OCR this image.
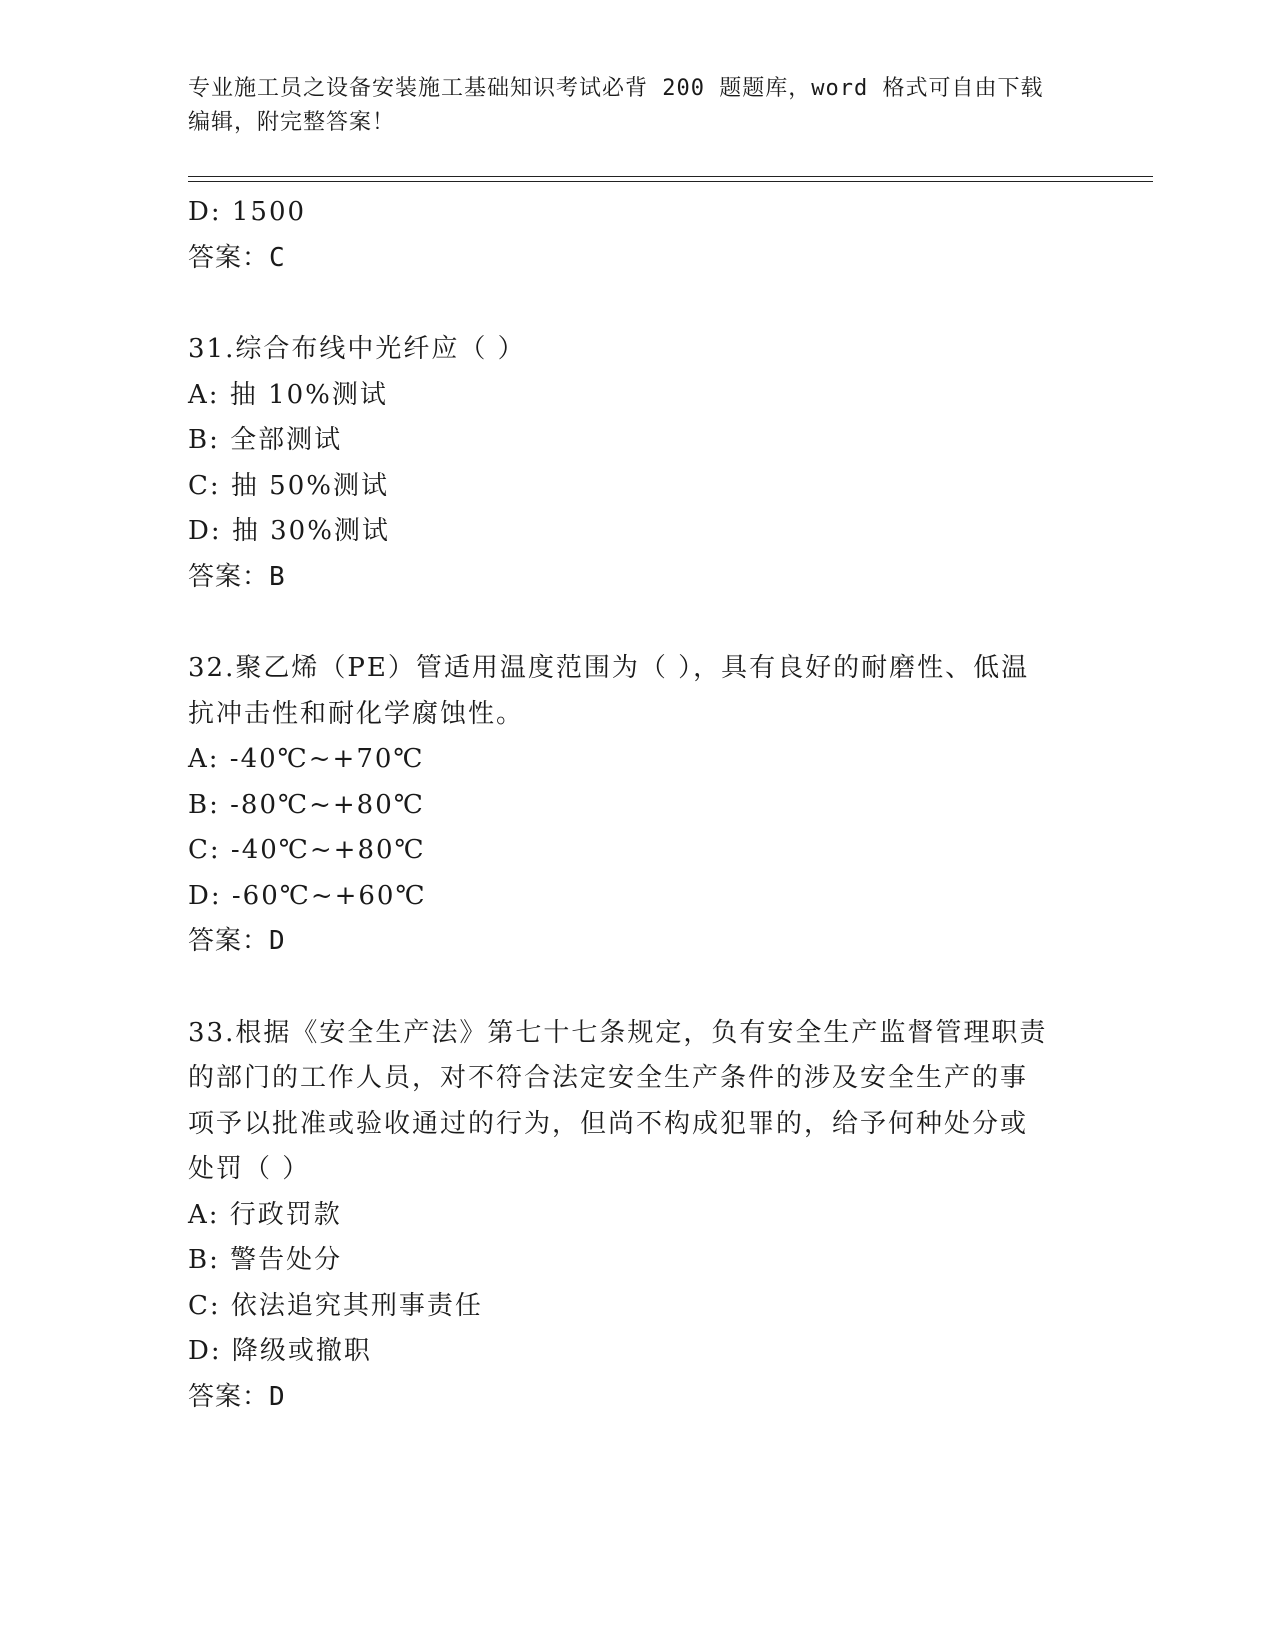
专业施工员之设备安装施工基础知识考试必背 200 题题库，word 格式可自由下载
编辑，附完整答案！
D: 1500
答案：C
31.综合布线中光纤应（ ）
A: 抽 10%测试
B: 全部测试
C: 抽 50%测试
D: 抽 30%测试
答案：B
32.聚乙烯（PE）管适用温度范围为（ ），具有良好的耐磨性、低温
抗冲击性和耐化学腐蚀性。
A: -40℃~+70℃
B: -80℃~+80℃
C: -40℃~+80℃
D: -60℃~+60℃
答案：D
33.根据《安全生产法》第七十七条规定，负有安全生产监督管理职责
的部门的工作人员，对不符合法定安全生产条件的涉及安全生产的事
项予以批准或验收通过的行为，但尚不构成犯罪的，给予何种处分或
处罚（ ）
A: 行政罚款
B: 警告处分
C: 依法追究其刑事责任
D: 降级或撤职
答案：D
